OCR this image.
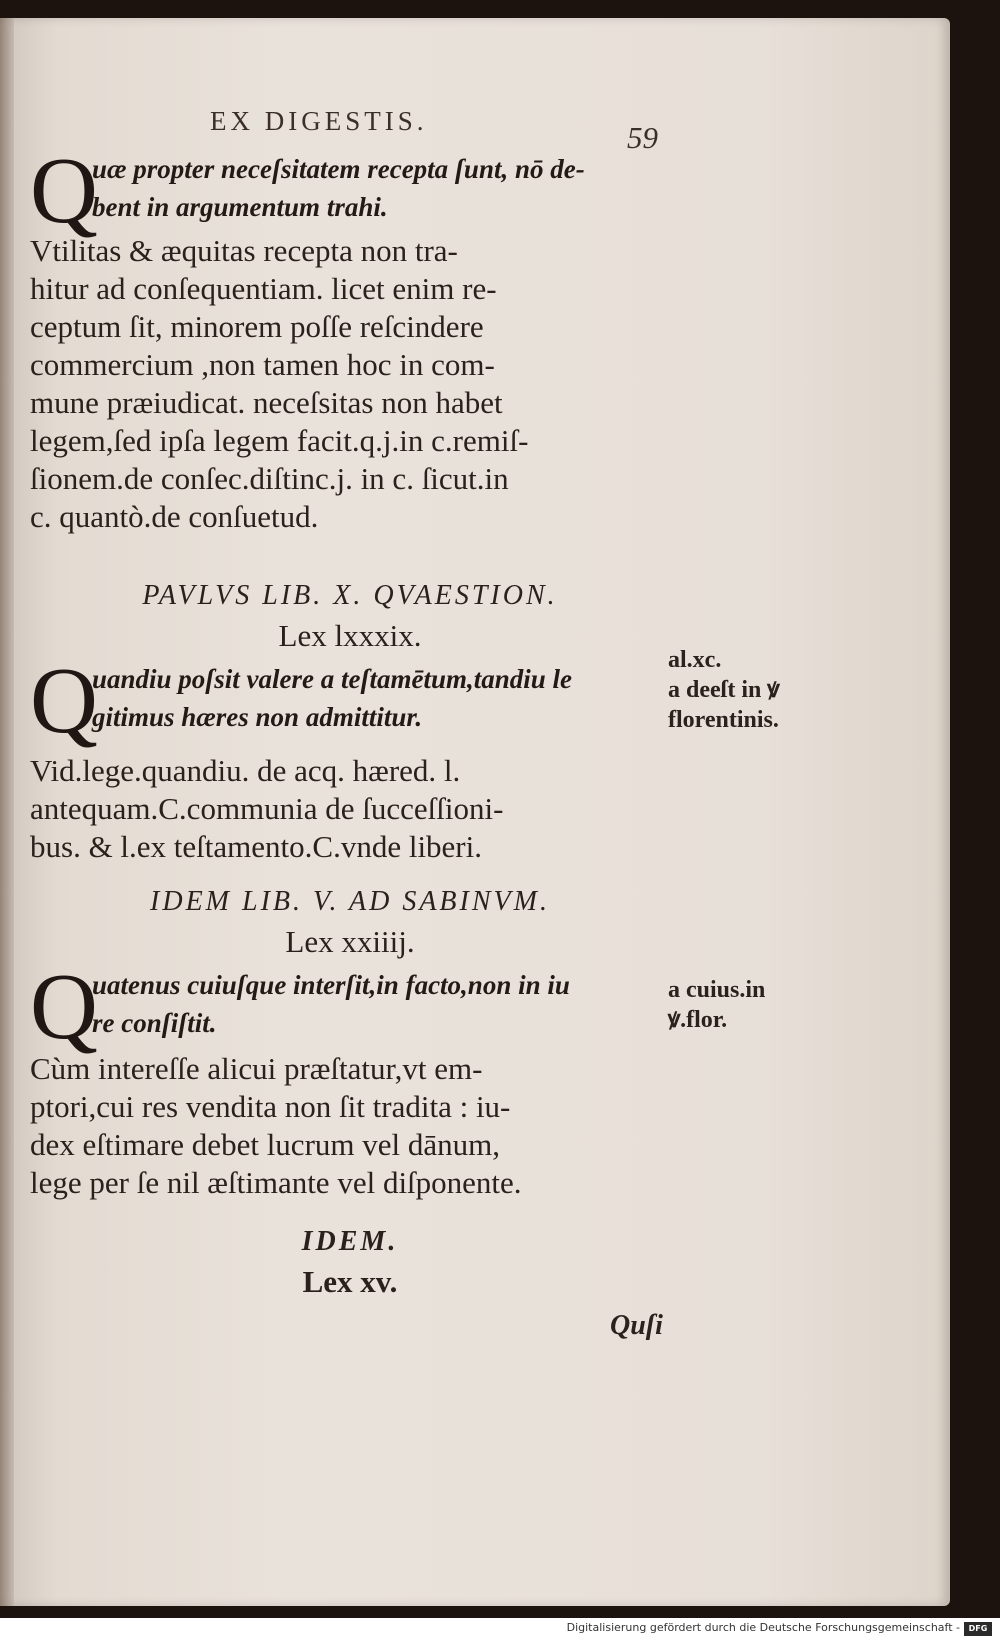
EX DIGESTIS.	59
Q
uæ propter neceſsitatem recepta ſunt, nō de-
bent in argumentum trahi.
Vtilitas & æquitas recepta non tra-
hitur ad conſequentiam. licet enim re-
ceptum ſit, minorem poſſe reſcindere
commercium ,non tamen hoc in com-
mune præiudicat. neceſsitas non habet
legem,ſed ipſa legem facit.q.j.in c.remiſ-
ſionem.de conſec.diſtinc.j. in c. ſicut.in
c. quantò.de conſuetud.
PAVLVS LIB. X. QVAESTION.
Lex lxxxix.
Q
uandiu poſsit valere a teſtamētum,tandiu le
gitimus hæres non admittitur.
al.xc.
a deeſt in ꝟ
florentinis.
Vid.lege.quandiu. de acq. hæred. l.
antequam.C.communia de ſucceſſioni-
bus. & l.ex teſtamento.C.vnde liberi.
IDEM LIB. V. AD SABINVM.
Lex xxiiij.
Q
uatenus cuiuſque interſit,in facto,non in iu
re conſiſtit.
a cuius.in
ꝟ.flor.
Cùm intereſſe alicui præſtatur,vt em-
ptori,cui res vendita non ſit tradita : iu-
dex eſtimare debet lucrum vel dānum,
lege per ſe nil æſtimante vel diſponente.
IDEM.
Lex xv.
Quſi
Digitalisierung gefördert durch die Deutsche Forschungsgemeinschaft -	DFG
